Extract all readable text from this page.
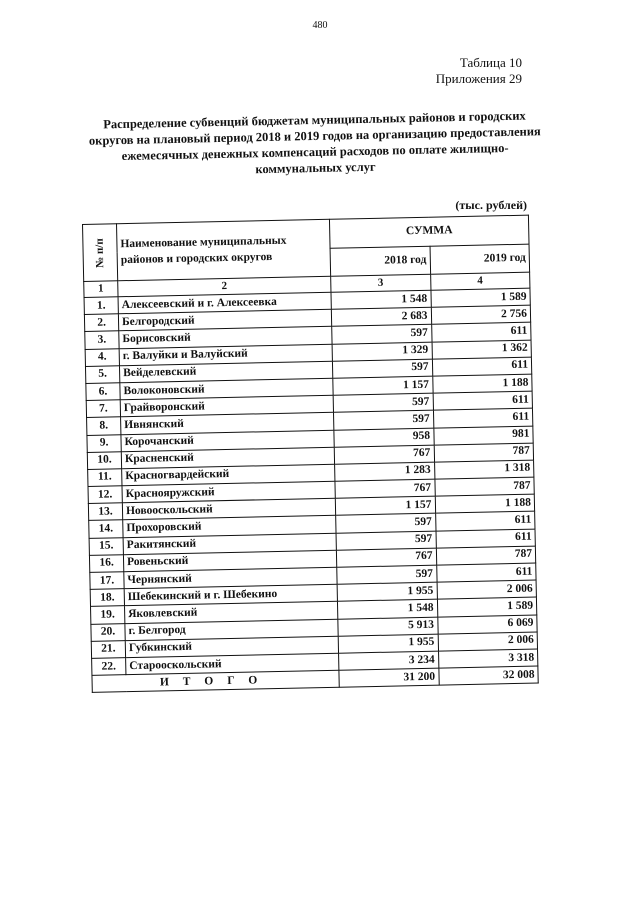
480
Таблица 10
Приложения 29
Распределение субвенций бюджетам муниципальных районов и городских округов на плановый период 2018 и 2019 годов на организацию предоставления ежемесячных денежных компенсаций расходов по оплате жилищно-коммунальных услуг
(тыс. рублей)
№ п/п	Наименование муниципальных районов и городских округов	СУММА	
		2018 год	2019 год
1	2	3	4
1.	Алексеевский и г. Алексеевка	1 548	1 589
2.	Белгородский	2 683	2 756
3.	Борисовский	597	611
4.	г. Валуйки и Валуйский	1 329	1 362
5.	Вейделевский	597	611
6.	Волоконовский	1 157	1 188
7.	Грайворонский	597	611
8.	Ивнянский	597	611
9.	Корочанский	958	981
10.	Красненский	767	787
11.	Красногвардейский	1 283	1 318
12.	Краснояружский	767	787
13.	Новооскольский	1 157	1 188
14.	Прохоровский	597	611
15.	Ракитянский	597	611
16.	Ровеньский	767	787
17.	Чернянский	597	611
18.	Шебекинский и г. Шебекино	1 955	2 006
19.	Яковлевский	1 548	1 589
20.	г. Белгород	5 913	6 069
21.	Губкинский	1 955	2 006
22.	Старооскольский	3 234	3 318
ИТОГО		31 200	32 008
